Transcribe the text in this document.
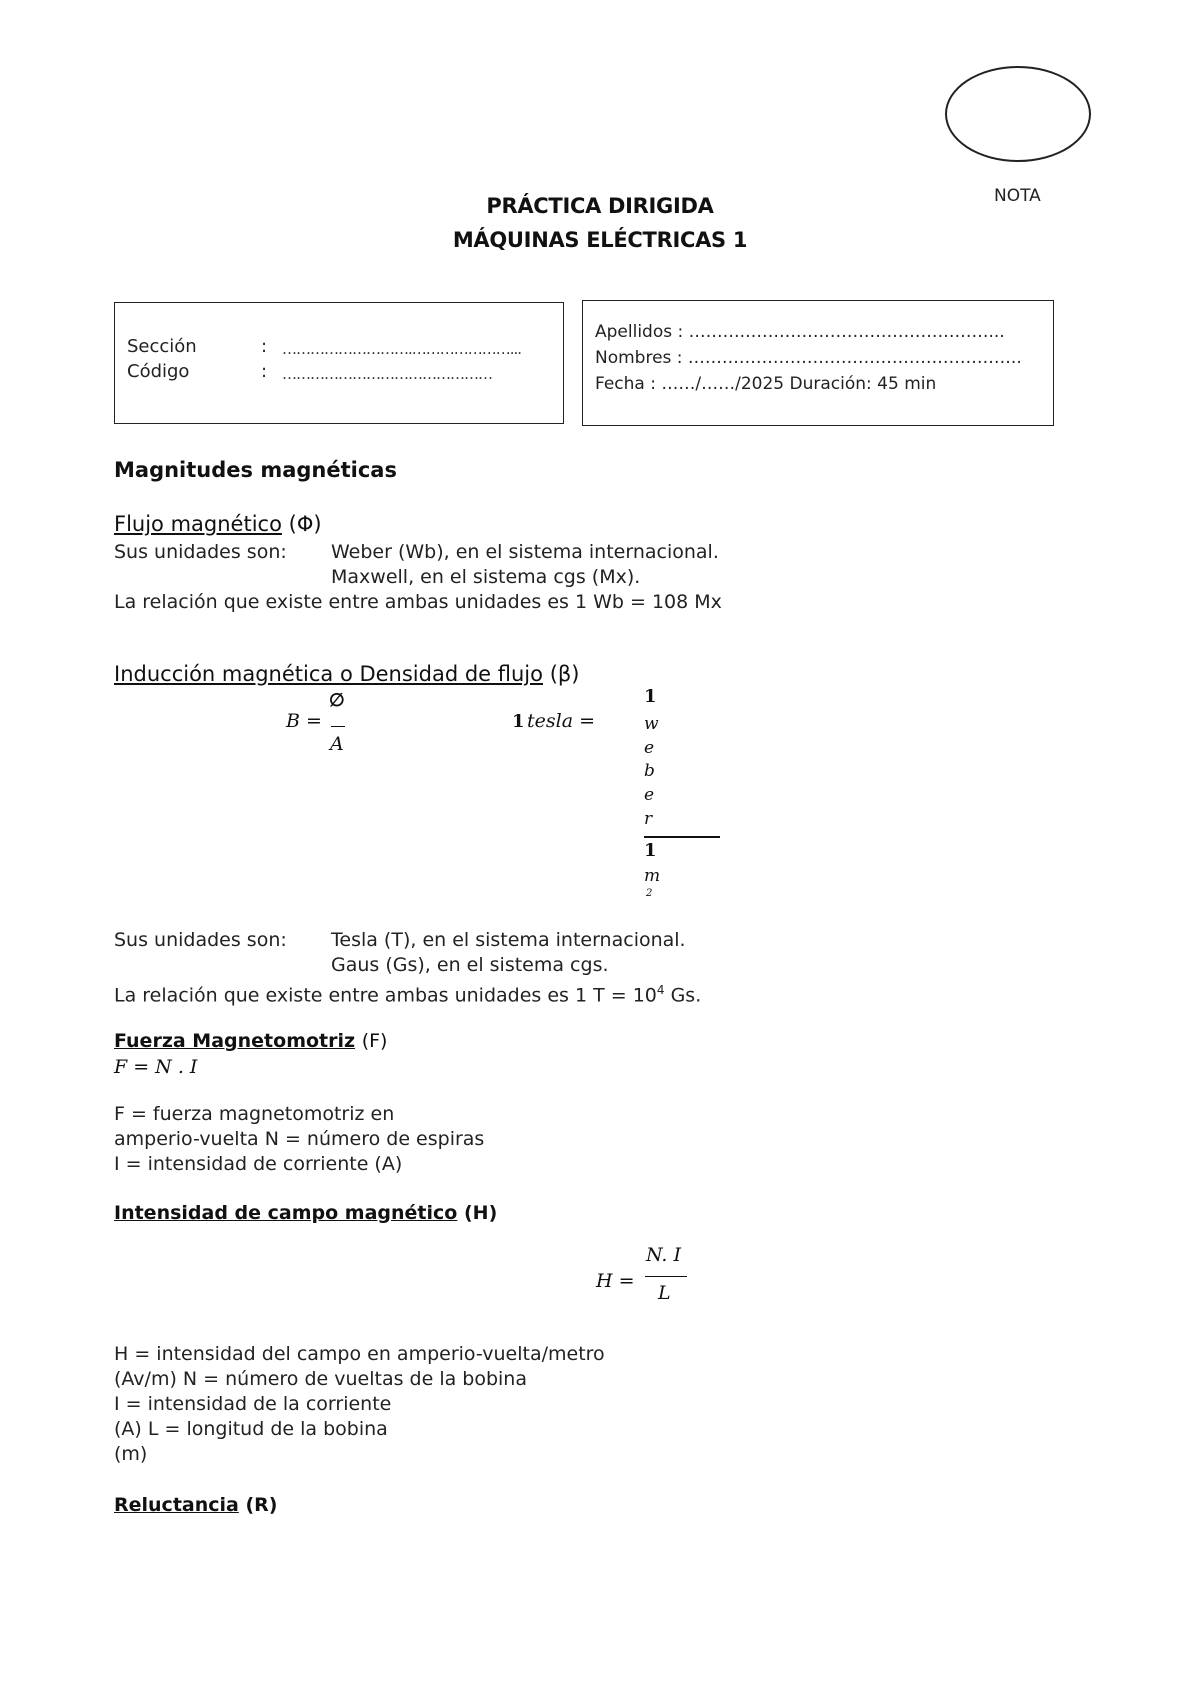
NOTA
PRÁCTICA DIRIGIDA
MÁQUINAS ELÉCTRICAS 1
Sección	: ……………………….…………………...
Código	: ………………………………………
Apellidos : ……….……….……………………………...
Nombres : …………………………………………………..
Fecha : ……/……/2025 Duración: 45 min
Magnitudes magnéticas
Flujo magnético (Φ)
Sus unidades son: Weber (Wb), en el sistema internacional.
Maxwell, en el sistema cgs (Mx).
La relación que existe entre ambas unidades es 1 Wb = 108 Mx
Inducción magnética o Densidad de flujo (β)
B =
∅
A
1 tesla =
1
w
e
b
e
r
1
m
2
Sus unidades son: Tesla (T), en el sistema internacional.
Gaus (Gs), en el sistema cgs.
La relación que existe entre ambas unidades es 1 $T = 10^4$ Gs.
Fuerza Magnetomotriz (F)
F = N . I
F = fuerza magnetomotriz en
amperio-vuelta N = número de espiras
I = intensidad de corriente (A)
Intensidad de campo magnético (H)
H =
N. I
L
H = intensidad del campo en amperio-vuelta/metro
(Av/m) N = número de vueltas de la bobina
I = intensidad de la corriente
(A) L = longitud de la bobina
(m)
Reluctancia (R)
